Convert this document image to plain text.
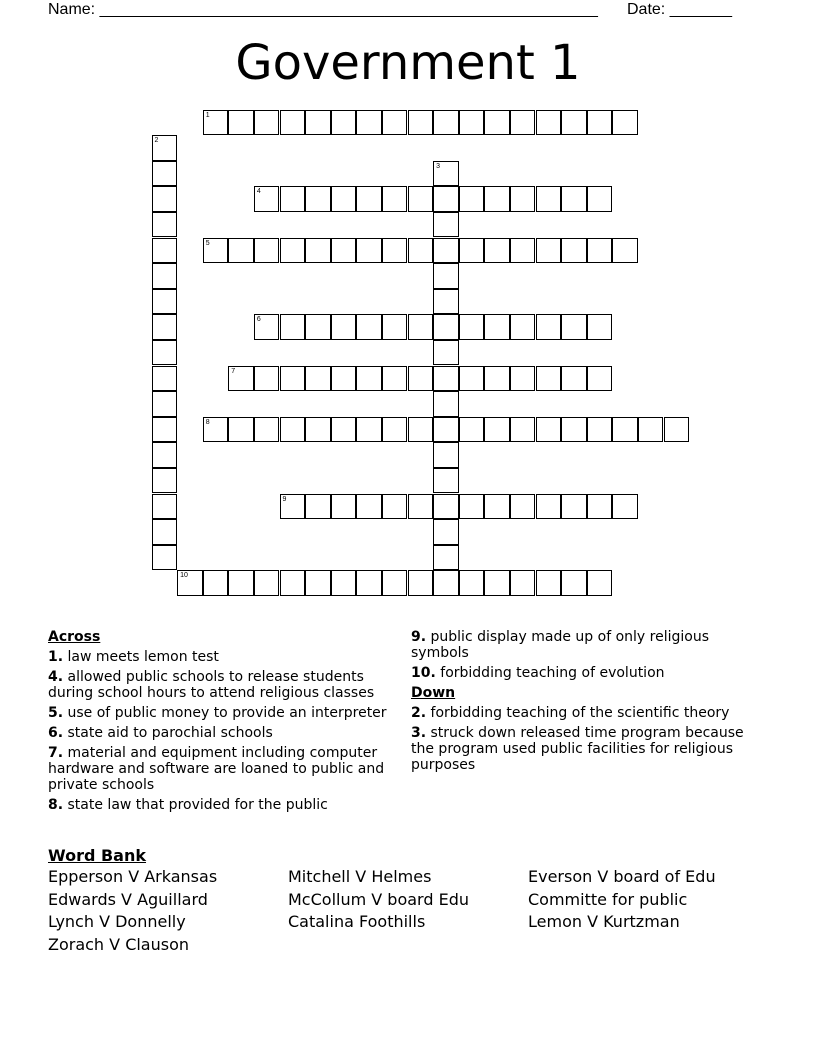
Name: ________________________________________________________ Date: _______
Government 1
1
2
3
4
5
6
7
8
9
10
Across
1. law meets lemon test
4. allowed public schools to release students during school hours to attend religious classes
5. use of public money to provide an interpreter
6. state aid to parochial schools
7. material and equipment including computer hardware and software are loaned to public and private schools
8. state law that provided for the public
9. public display made up of only religious symbols
10. forbidding teaching of evolution
Down
2. forbidding teaching of the scientific theory
3. struck down released time program because the program used public facilities for religious purposes
Word Bank
Epperson V Arkansas
Edwards V Aguillard
Lynch V Donnelly
Zorach V Clauson
Mitchell V Helmes
McCollum V board Edu
Catalina Foothills
Everson V board of Edu
Committe for public
Lemon V Kurtzman
